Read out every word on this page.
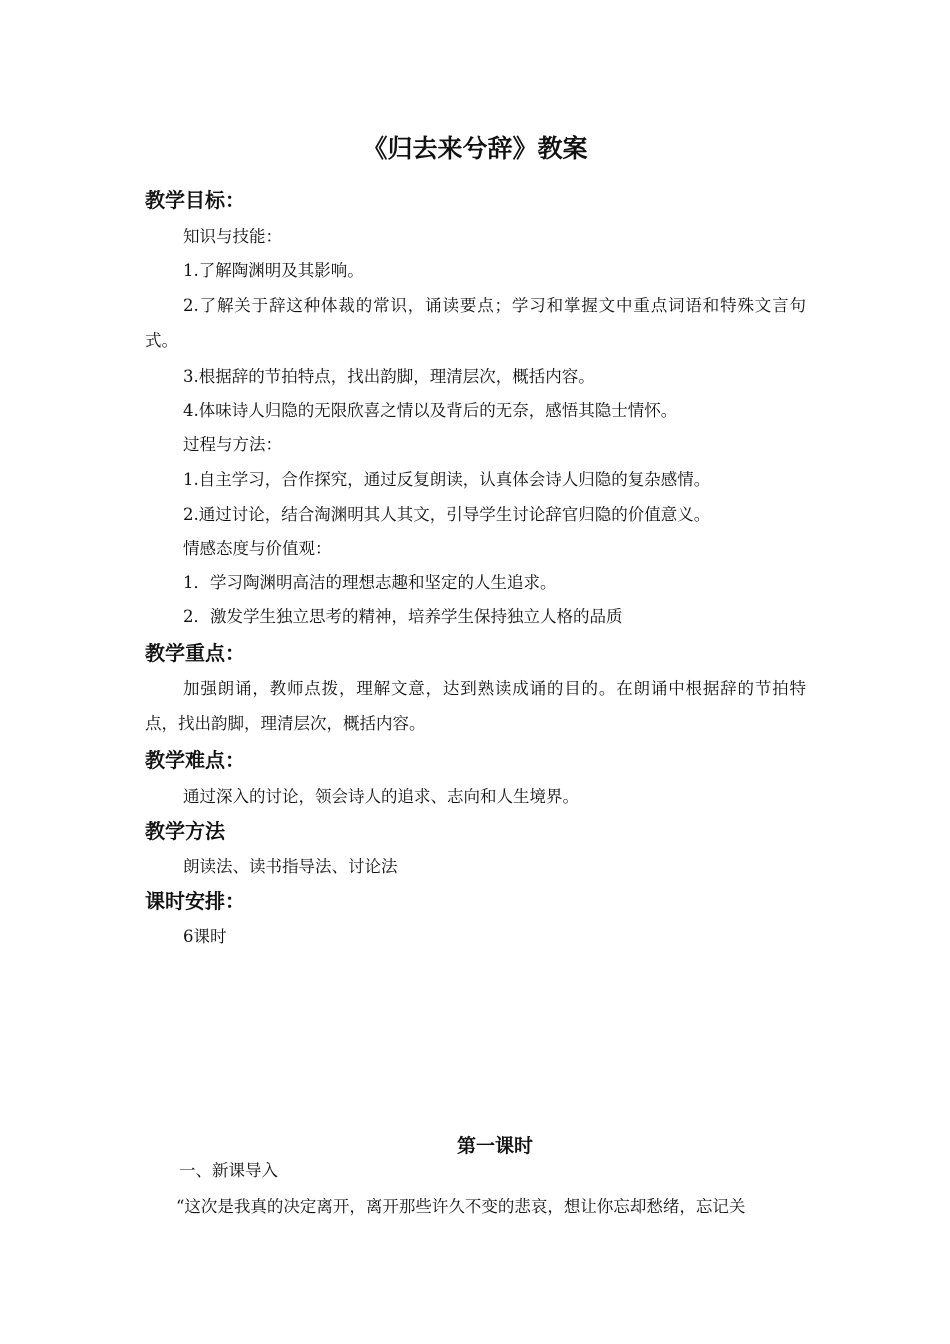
《归去来兮辞》教案
教学目标：
知识与技能：
1.了解陶渊明及其影响。
2.了解关于辞这种体裁的常识，诵读要点；学习和掌握文中重点词语和特殊文言句式。
3.根据辞的节拍特点，找出韵脚，理清层次，概括内容。
4.体味诗人归隐的无限欣喜之情以及背后的无奈，感悟其隐士情怀。
过程与方法：
1.自主学习，合作探究，通过反复朗读，认真体会诗人归隐的复杂感情。
2.通过讨论，结合淘渊明其人其文，引导学生讨论辞官归隐的价值意义。
情感态度与价值观：
1．学习陶渊明高洁的理想志趣和坚定的人生追求。
2．激发学生独立思考的精神，培养学生保持独立人格的品质
教学重点：
加强朗诵，教师点拨，理解文意，达到熟读成诵的目的。在朗诵中根据辞的节拍特点，找出韵脚，理清层次，概括内容。
教学难点：
通过深入的讨论，领会诗人的追求、志向和人生境界。
教学方法
朗读法、读书指导法、讨论法
课时安排：
6课时
第一课时
一、新课导入
“这次是我真的决定离开，离开那些许久不变的悲哀，想让你忘却愁绪，忘记关
